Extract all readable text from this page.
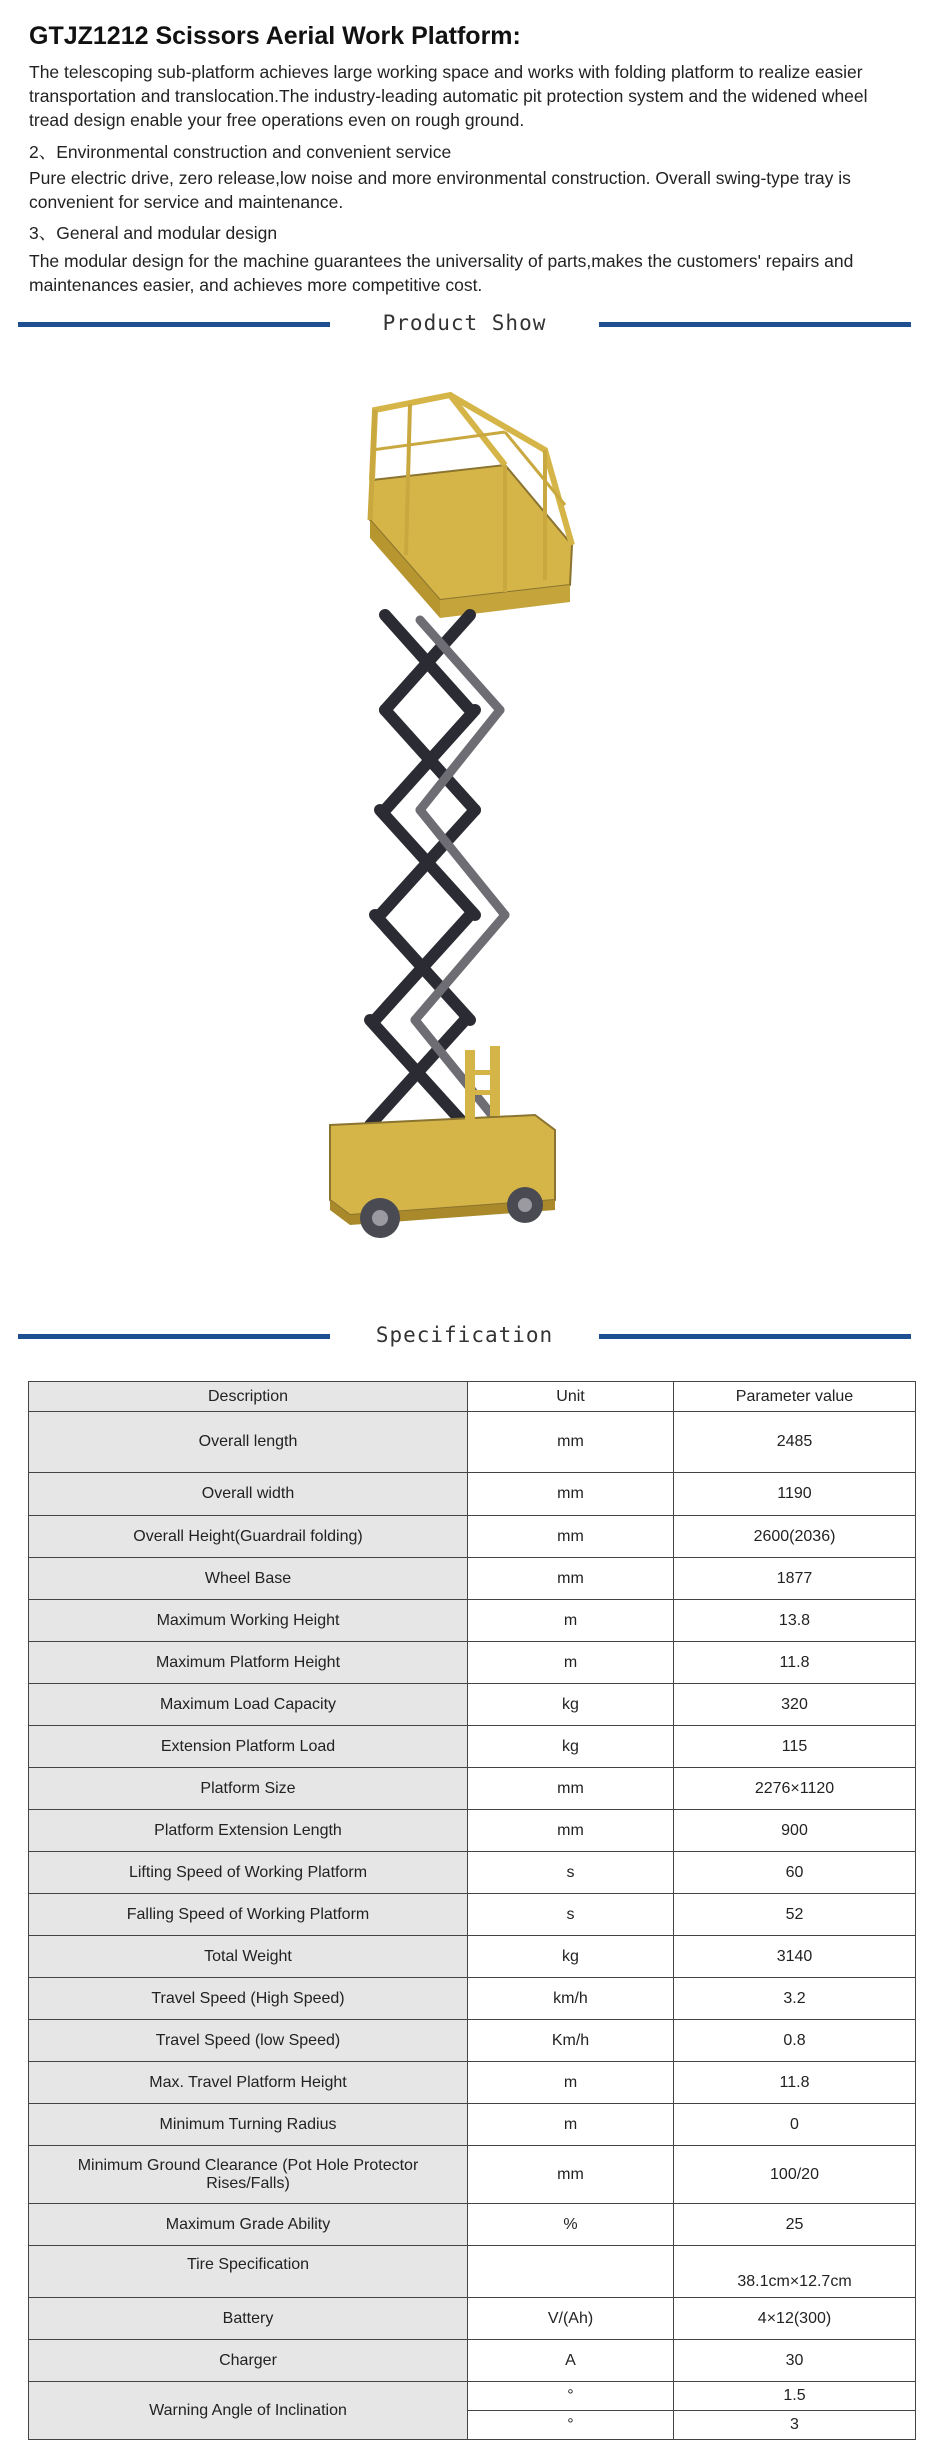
GTJZ1212 Scissors Aerial Work Platform:

The telescoping sub-platform achieves large working space and works with folding platform to realize easier transportation and translocation.The industry-leading automatic pit protection system and the widened wheel tread design enable your free operations even on rough ground.

2、Environmental construction and convenient service

Pure electric drive, zero release,low noise and more environmental construction. Overall swing-type tray is convenient for service and maintenance.

3、General and modular design

The modular design for the machine guarantees the universality of parts,makes the customers' repairs and maintenances easier, and achieves more competitive cost.

Product Show
Specification
Description	Unit	Parameter value
Overall length	mm	2485
Overall width	mm	1190
Overall Height(Guardrail folding)	mm	2600(2036)
Wheel Base	mm	1877
Maximum Working Height	m	13.8
Maximum Platform Height	m	11.8
Maximum Load Capacity	kg	320
Extension Platform Load	kg	115
Platform Size	mm	2276×1120
Platform Extension Length	mm	900
Lifting Speed of Working Platform	s	60
Falling Speed of Working Platform	s	52
Total Weight	kg	3140
Travel Speed (High Speed)	km/h	3.2
Travel Speed (low Speed)	Km/h	0.8
Max. Travel Platform Height	m	11.8
Minimum Turning Radius	m	0
Minimum Ground Clearance (Pot Hole Protector Rises/Falls)	mm	100/20
Maximum Grade Ability	%	25
Tire Specification		38.1cm×12.7cm
Battery	V/(Ah)	4×12(300)
Charger	A	30
Warning Angle of Inclination	°	1.5
	°	3
